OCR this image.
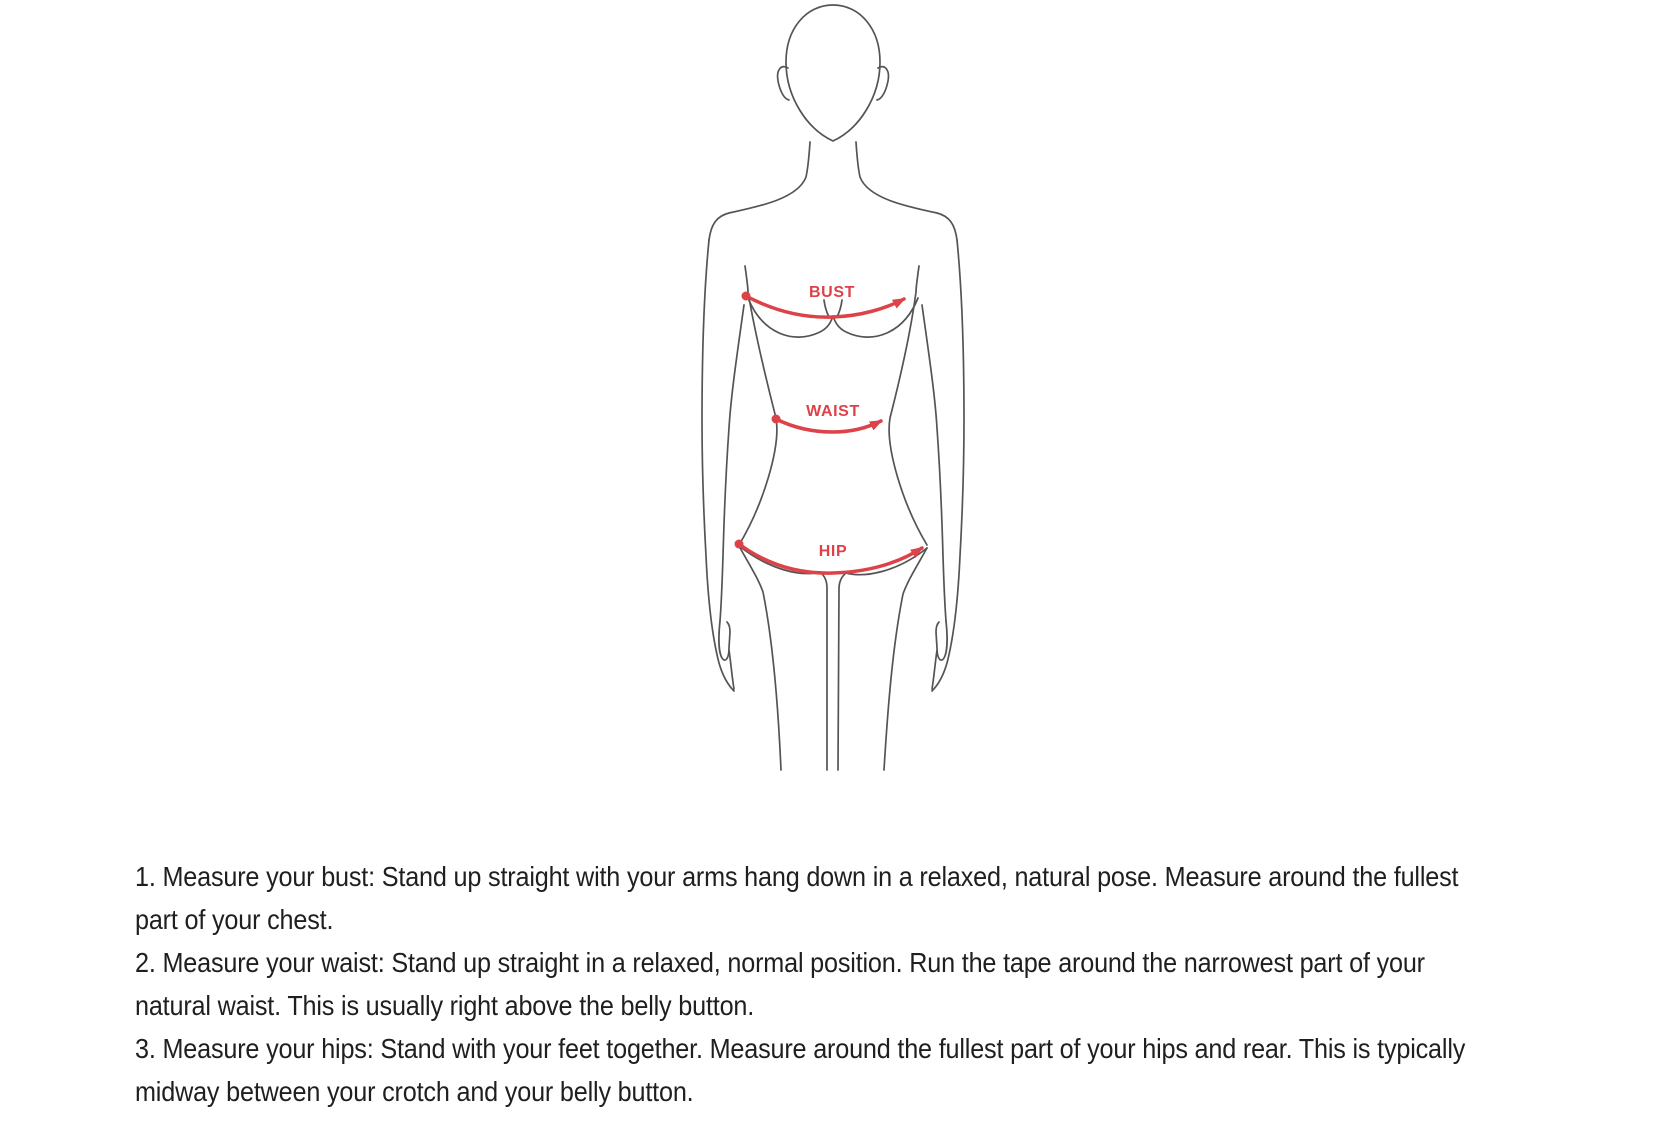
BUST
WAIST
HIP
1. Measure your bust: Stand up straight with your arms hang down in a relaxed, natural pose. Measure around the fullest
part of your chest.
2. Measure your waist: Stand up straight in a relaxed, normal position. Run the tape around the narrowest part of your
natural waist. This is usually right above the belly button.
3. Measure your hips: Stand with your feet together. Measure around the fullest part of your hips and rear. This is typically
midway between your crotch and your belly button.
